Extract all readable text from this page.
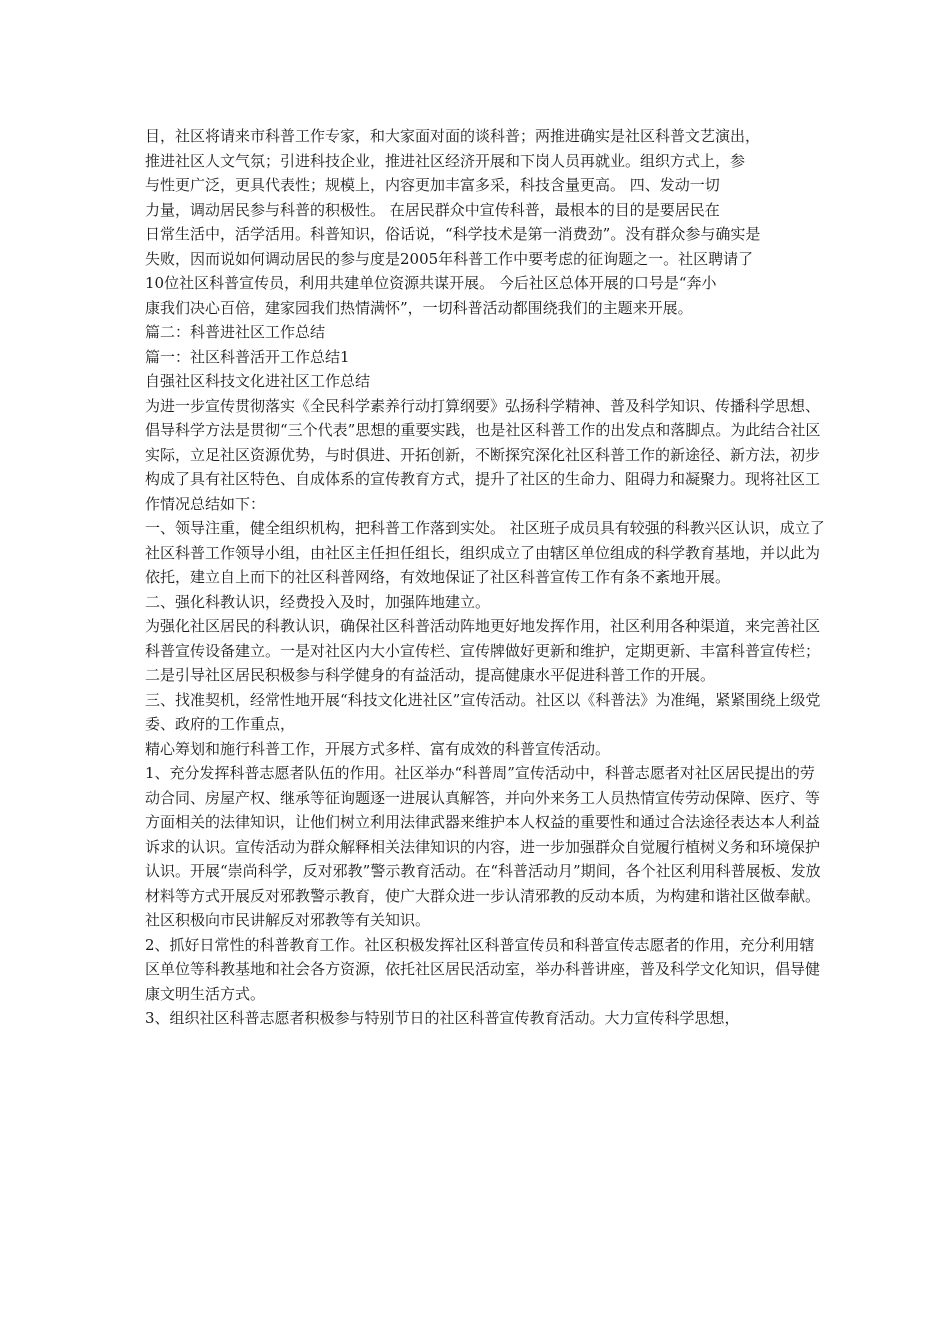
目，社区将请来市科普工作专家，和大家面对面的谈科普；两推进确实是社区科普文艺演出，

推进社区人文气氛；引进科技企业，推进社区经济开展和下岗人员再就业。组织方式上，参

与性更广泛，更具代表性；规模上，内容更加丰富多采，科技含量更高。 四、发动一切

力量，调动居民参与科普的积极性。 在居民群众中宣传科普，最根本的目的是要居民在

日常生活中，活学活用。科普知识，俗话说，“科学技术是第一消费劲”。没有群众参与确实是

失败，因而说如何调动居民的参与度是2005年科普工作中要考虑的征询题之一。社区聘请了

10位社区科普宣传员，利用共建单位资源共谋开展。 今后社区总体开展的口号是“奔小

康我们决心百倍，建家园我们热情满怀”，一切科普活动都围绕我们的主题来开展。

篇二：科普进社区工作总结

篇一：社区科普活开工作总结1

自强社区科技文化进社区工作总结

为进一步宣传贯彻落实《全民科学素养行动打算纲要》弘扬科学精神、普及科学知识、传播科学思想、倡导科学方法是贯彻“三个代表”思想的重要实践，也是社区科普工作的出发点和落脚点。为此结合社区实际，立足社区资源优势，与时俱进、开拓创新，不断探究深化社区科普工作的新途径、新方法，初步构成了具有社区特色、自成体系的宣传教育方式，提升了社区的生命力、阻碍力和凝聚力。现将社区工作情况总结如下：

一、领导注重，健全组织机构，把科普工作落到实处。 社区班子成员具有较强的科教兴区认识，成立了社区科普工作领导小组，由社区主任担任组长，组织成立了由辖区单位组成的科学教育基地，并以此为依托，建立自上而下的社区科普网络，有效地保证了社区科普宣传工作有条不紊地开展。

二、强化科教认识，经费投入及时，加强阵地建立。

为强化社区居民的科教认识，确保社区科普活动阵地更好地发挥作用，社区利用各种渠道，来完善社区科普宣传设备建立。一是对社区内大小宣传栏、宣传牌做好更新和维护，定期更新、丰富科普宣传栏；二是引导社区居民积极参与科学健身的有益活动，提高健康水平促进科普工作的开展。

三、找准契机，经常性地开展“科技文化进社区”宣传活动。社区以《科普法》为准绳，紧紧围绕上级党委、政府的工作重点，

精心筹划和施行科普工作，开展方式多样、富有成效的科普宣传活动。

1、充分发挥科普志愿者队伍的作用。社区举办“科普周”宣传活动中，科普志愿者对社区居民提出的劳动合同、房屋产权、继承等征询题逐一进展认真解答，并向外来务工人员热情宣传劳动保障、医疗、等方面相关的法律知识，让他们树立利用法律武器来维护本人权益的重要性和通过合法途径表达本人利益诉求的认识。宣传活动为群众解释相关法律知识的内容，进一步加强群众自觉履行植树义务和环境保护认识。开展“崇尚科学，反对邪教”警示教育活动。在“科普活动月”期间，各个社区利用科普展板、发放材料等方式开展反对邪教警示教育，使广大群众进一步认清邪教的反动本质，为构建和谐社区做奉献。社区积极向市民讲解反对邪教等有关知识。

2、抓好日常性的科普教育工作。社区积极发挥社区科普宣传员和科普宣传志愿者的作用，充分利用辖区单位等科教基地和社会各方资源，依托社区居民活动室，举办科普讲座，普及科学文化知识，倡导健康文明生活方式。

3、组织社区科普志愿者积极参与特别节日的社区科普宣传教育活动。大力宣传科学思想，
